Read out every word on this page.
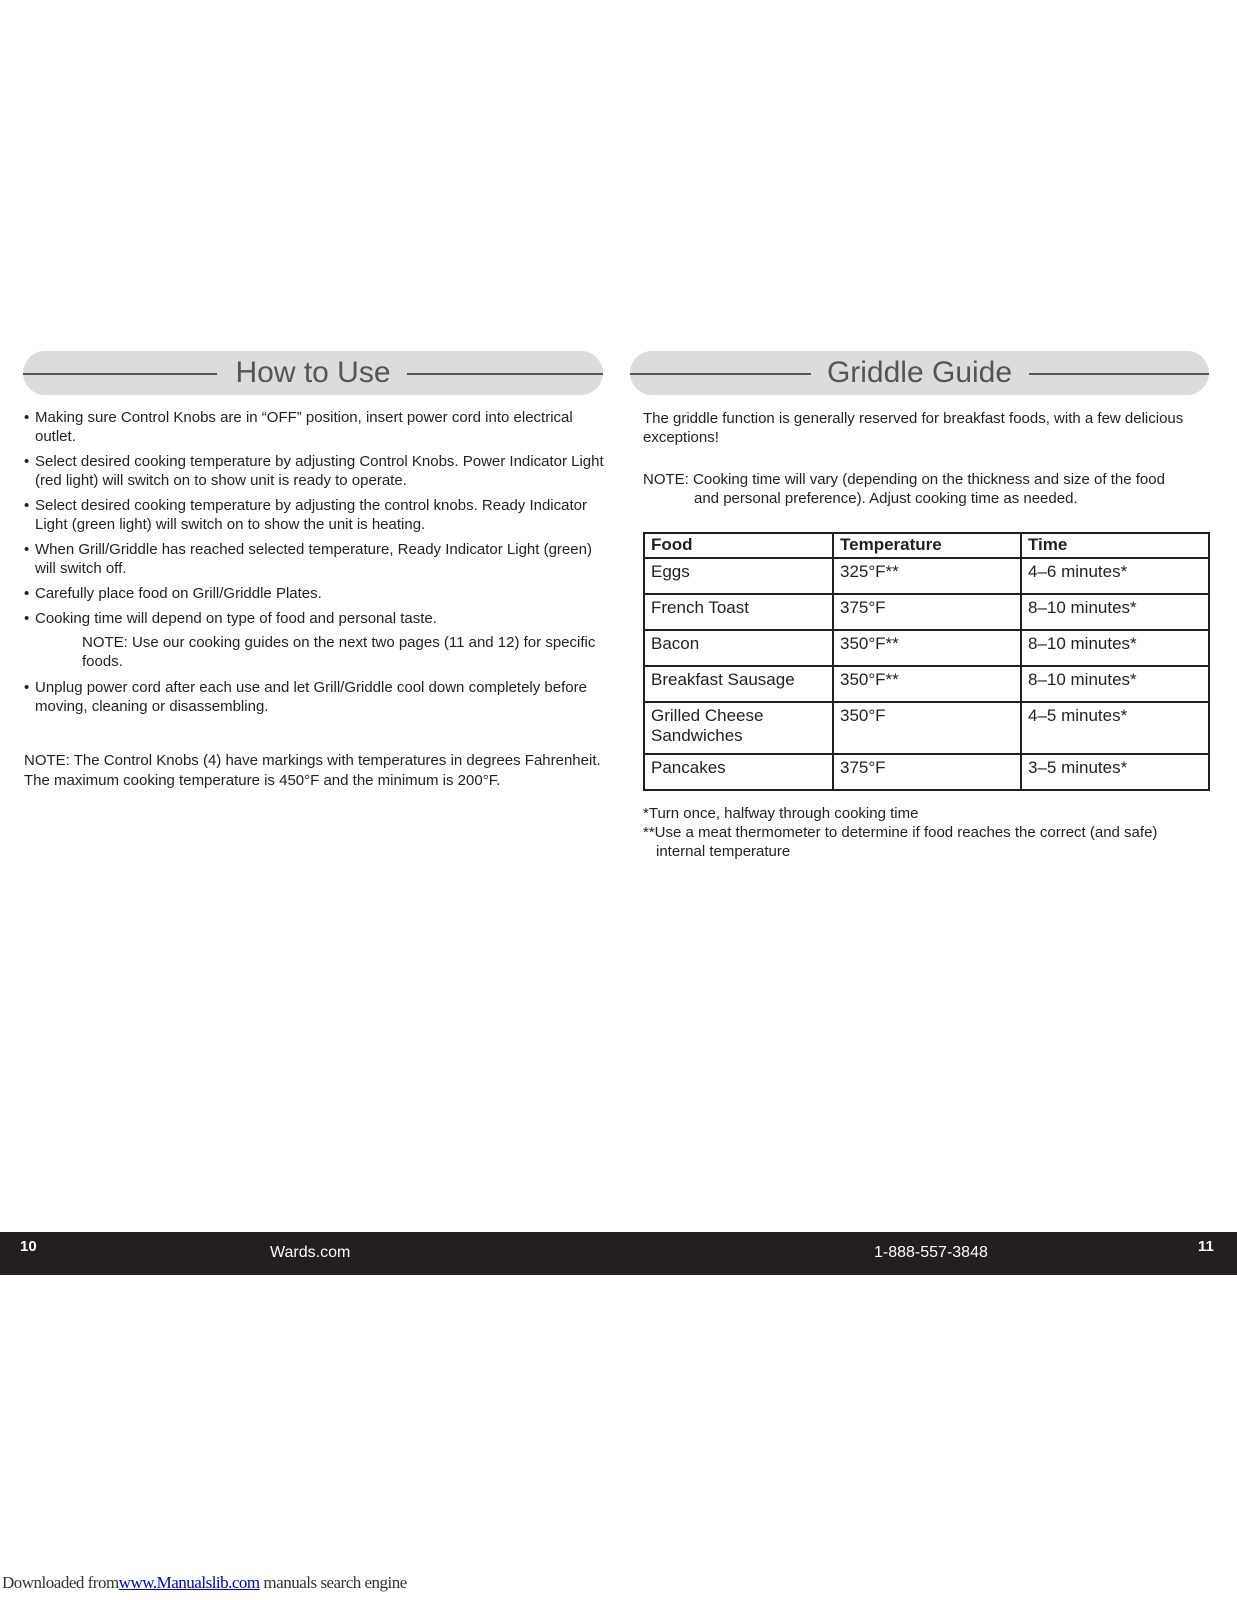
How to Use	Griddle Guide
• Making sure Control Knobs are in “OFF” position, insert power cord into electrical outlet.
• Select desired cooking temperature by adjusting Control Knobs. Power Indicator Light (red light) will switch on to show unit is ready to operate.
• Select desired cooking temperature by adjusting the control knobs. Ready Indicator Light (green light) will switch on to show the unit is heating.
• When Grill/Griddle has reached selected temperature, Ready Indicator Light (green) will switch off.
• Carefully place food on Grill/Griddle Plates.
• Cooking time will depend on type of food and personal taste.
NOTE: Use our cooking guides on the next two pages (11 and 12) for specific foods.
• Unplug power cord after each use and let Grill/Griddle cool down completely before moving, cleaning or disassembling.

NOTE: The Control Knobs (4) have markings with temperatures in degrees Fahrenheit. The maximum cooking temperature is 450°F and the minimum is 200°F.

The griddle function is generally reserved for breakfast foods, with a few delicious exceptions!

NOTE: Cooking time will vary (depending on the thickness and size of the food
and personal preference). Adjust cooking time as needed.

Food	Temperature	Time
Eggs	325°F**	4–6 minutes*
French Toast	375°F	8–10 minutes*
Bacon	350°F**	8–10 minutes*
Breakfast Sausage	350°F**	8–10 minutes*
Grilled Cheese Sandwiches	350°F	4–5 minutes*
Pancakes	375°F	3–5 minutes*

*Turn once, halfway through cooking time
**Use a meat thermometer to determine if food reaches the correct (and safe)
internal temperature

10	Wards.com	1-888-557-3848	11
Downloaded fromwww.Manualslib.com manuals search engine
